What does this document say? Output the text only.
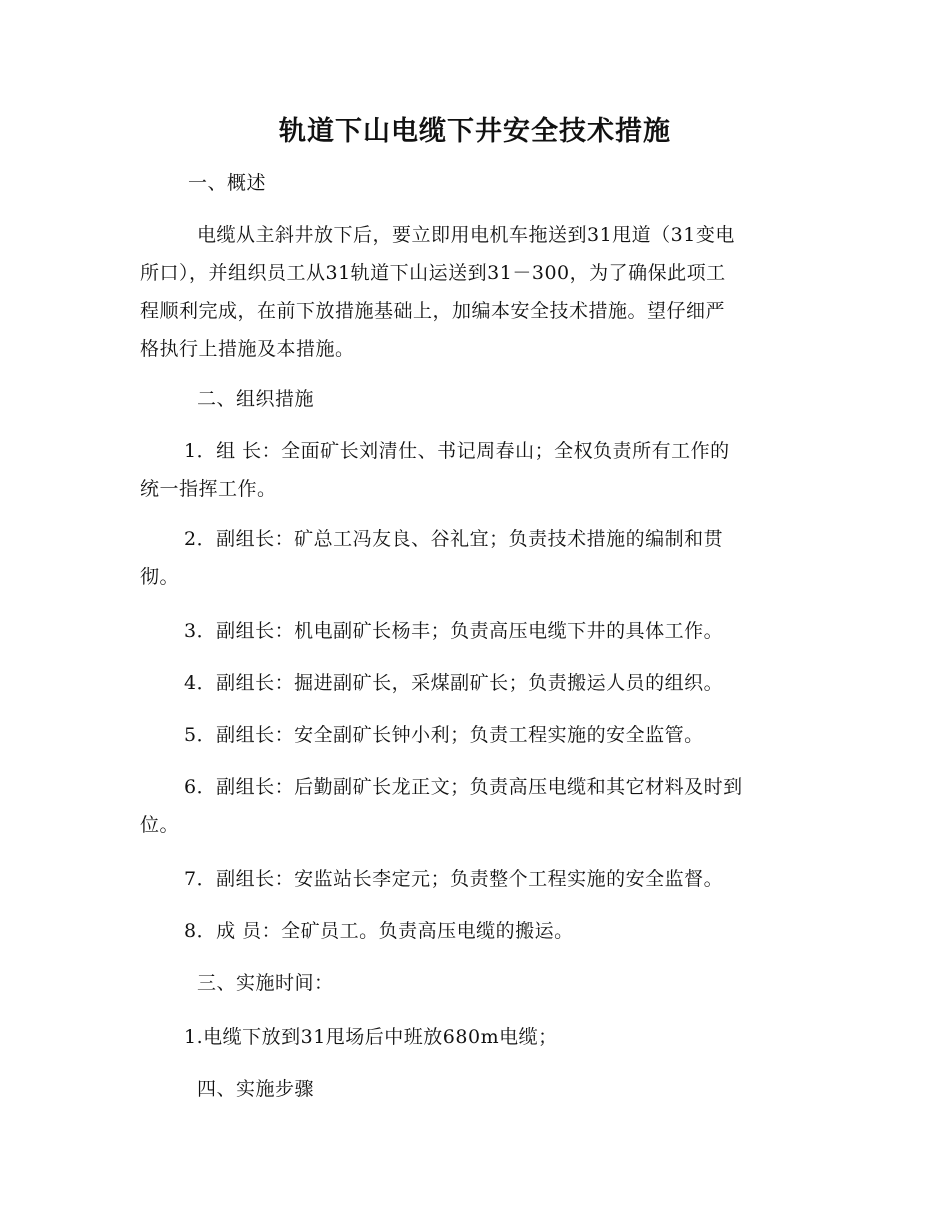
轨道下山电缆下井安全技术措施

一、概述

电缆从主斜井放下后，要立即用电机车拖送到31甩道（31变电
所口），并组织员工从31轨道下山运送到31－300，为了确保此项工
程顺利完成，在前下放措施基础上，加编本安全技术措施。望仔细严
格执行上措施及本措施。

二、组织措施

1．组 长：全面矿长刘清仕、书记周春山；全权负责所有工作的
统一指挥工作。
2．副组长：矿总工冯友良、谷礼宜；负责技术措施的编制和贯
彻。

3．副组长：机电副矿长杨丰；负责高压电缆下井的具体工作。

4．副组长：掘进副矿长，采煤副矿长；负责搬运人员的组织。

5．副组长：安全副矿长钟小利；负责工程实施的安全监管。

6．副组长：后勤副矿长龙正文；负责高压电缆和其它材料及时到
位。

7．副组长：安监站长李定元；负责整个工程实施的安全监督。

8．成 员：全矿员工。负责高压电缆的搬运。

三、实施时间：

1.电缆下放到31甩场后中班放680m电缆；

四、实施步骤
